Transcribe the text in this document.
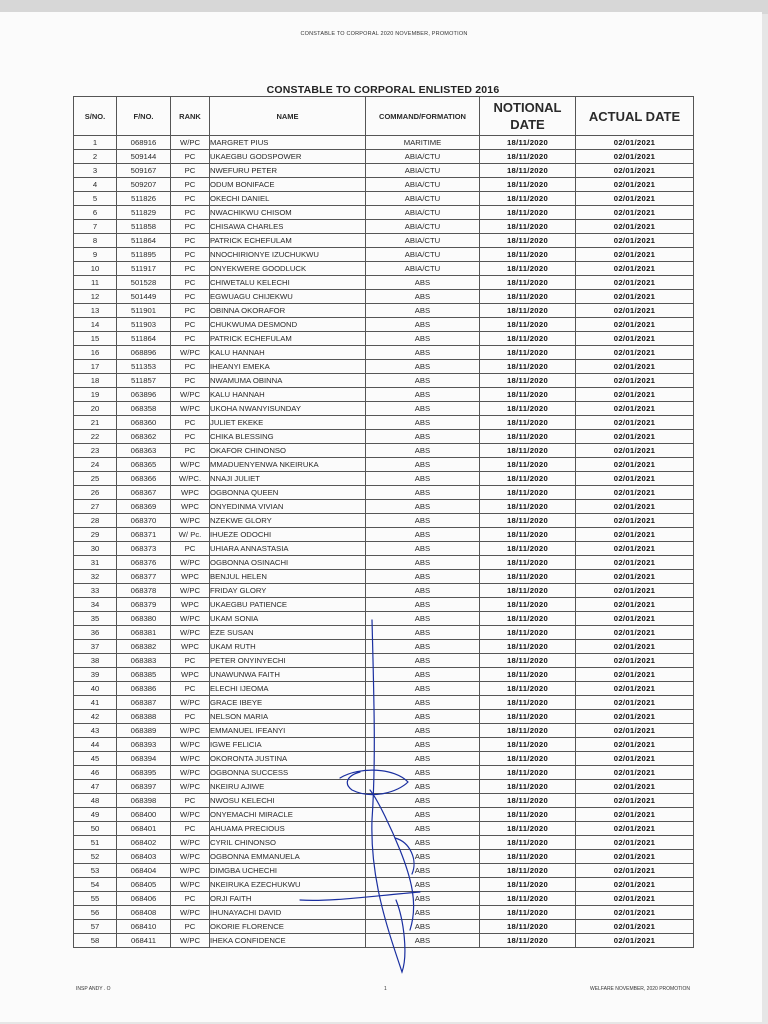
CONSTABLE TO CORPORAL 2020 NOVEMBER, PROMOTION
CONSTABLE TO CORPORAL ENLISTED 2016
S/NO.	F/NO.	RANK	NAME	COMMAND/FORMATION	NOTIONAL DATE	ACTUAL DATE
1	068916	W/PC	MARGRET PIUS	MARITIME	18/11/2020	02/01/2021
2	509144	PC	UKAEGBU GODSPOWER	ABIA/CTU	18/11/2020	02/01/2021
3	509167	PC	NWEFURU PETER	ABIA/CTU	18/11/2020	02/01/2021
4	509207	PC	ODUM BONIFACE	ABIA/CTU	18/11/2020	02/01/2021
5	511826	PC	OKECHI DANIEL	ABIA/CTU	18/11/2020	02/01/2021
6	511829	PC	NWACHIKWU CHISOM	ABIA/CTU	18/11/2020	02/01/2021
7	511858	PC	CHISAWA CHARLES	ABIA/CTU	18/11/2020	02/01/2021
8	511864	PC	PATRICK ECHEFULAM	ABIA/CTU	18/11/2020	02/01/2021
9	511895	PC	NNOCHIRIONYE IZUCHUKWU	ABIA/CTU	18/11/2020	02/01/2021
10	511917	PC	ONYEKWERE GOODLUCK	ABIA/CTU	18/11/2020	02/01/2021
11	501528	PC	CHIWETALU KELECHI	ABS	18/11/2020	02/01/2021
12	501449	PC	EGWUAGU CHIJEKWU	ABS	18/11/2020	02/01/2021
13	511901	PC	OBINNA OKORAFOR	ABS	18/11/2020	02/01/2021
14	511903	PC	CHUKWUMA DESMOND	ABS	18/11/2020	02/01/2021
15	511864	PC	PATRICK ECHEFULAM	ABS	18/11/2020	02/01/2021
16	068896	W/PC	KALU HANNAH	ABS	18/11/2020	02/01/2021
17	511353	PC	IHEANYI EMEKA	ABS	18/11/2020	02/01/2021
18	511857	PC	NWAMUMA OBINNA	ABS	18/11/2020	02/01/2021
19	063896	W/PC	KALU HANNAH	ABS	18/11/2020	02/01/2021
20	068358	W/PC	UKOHA NWANYISUNDAY	ABS	18/11/2020	02/01/2021
21	068360	PC	JULIET EKEKE	ABS	18/11/2020	02/01/2021
22	068362	PC	CHIKA BLESSING	ABS	18/11/2020	02/01/2021
23	068363	PC	OKAFOR CHINONSO	ABS	18/11/2020	02/01/2021
24	068365	W/PC	MMADUENYENWA NKEIRUKA	ABS	18/11/2020	02/01/2021
25	068366	W/PC.	NNAJI JULIET	ABS	18/11/2020	02/01/2021
26	068367	WPC	OGBONNA QUEEN	ABS	18/11/2020	02/01/2021
27	068369	WPC	ONYEDINMA VIVIAN	ABS	18/11/2020	02/01/2021
28	068370	W/PC	NZEKWE GLORY	ABS	18/11/2020	02/01/2021
29	068371	W/ Pc.	IHUEZE ODOCHI	ABS	18/11/2020	02/01/2021
30	068373	PC	UHIARA ANNASTASIA	ABS	18/11/2020	02/01/2021
31	068376	W/PC	OGBONNA OSINACHI	ABS	18/11/2020	02/01/2021
32	068377	WPC	BENJUL HELEN	ABS	18/11/2020	02/01/2021
33	068378	W/PC	FRIDAY GLORY	ABS	18/11/2020	02/01/2021
34	068379	WPC	UKAEGBU PATIENCE	ABS	18/11/2020	02/01/2021
35	068380	W/PC	UKAM SONIA	ABS	18/11/2020	02/01/2021
36	068381	W/PC	EZE SUSAN	ABS	18/11/2020	02/01/2021
37	068382	WPC	UKAM RUTH	ABS	18/11/2020	02/01/2021
38	068383	PC	PETER ONYINYECHI	ABS	18/11/2020	02/01/2021
39	068385	WPC	UNAWUNWA FAITH	ABS	18/11/2020	02/01/2021
40	068386	PC	ELECHI IJEOMA	ABS	18/11/2020	02/01/2021
41	068387	W/PC	GRACE IBEYE	ABS	18/11/2020	02/01/2021
42	068388	PC	NELSON MARIA	ABS	18/11/2020	02/01/2021
43	068389	W/PC	EMMANUEL IFEANYI	ABS	18/11/2020	02/01/2021
44	068393	W/PC	IGWE FELICIA	ABS	18/11/2020	02/01/2021
45	068394	W/PC	OKORONTA JUSTINA	ABS	18/11/2020	02/01/2021
46	068395	W/PC	OGBONNA SUCCESS	ABS	18/11/2020	02/01/2021
47	068397	W/PC	NKEIRU AJIWE	ABS	18/11/2020	02/01/2021
48	068398	PC	NWOSU KELECHI	ABS	18/11/2020	02/01/2021
49	068400	W/PC	ONYEMACHI MIRACLE	ABS	18/11/2020	02/01/2021
50	068401	PC	AHUAMA PRECIOUS	ABS	18/11/2020	02/01/2021
51	068402	W/PC	CYRIL CHINONSO	ABS	18/11/2020	02/01/2021
52	068403	W/PC	OGBONNA EMMANUELA	ABS	18/11/2020	02/01/2021
53	068404	W/PC	DIMGBA UCHECHI	ABS	18/11/2020	02/01/2021
54	068405	W/PC	NKEIRUKA EZECHUKWU	ABS	18/11/2020	02/01/2021
55	068406	PC	ORJI FAITH	ABS	18/11/2020	02/01/2021
56	068408	W/PC	IHUNAYACHI DAVID	ABS	18/11/2020	02/01/2021
57	068410	PC	OKORIE FLORENCE	ABS	18/11/2020	02/01/2021
58	068411	W/PC	IHEKA CONFIDENCE	ABS	18/11/2020	02/01/2021
INSP ANDY . O	1	WELFARE NOVEMBER, 2020 PROMOTION
